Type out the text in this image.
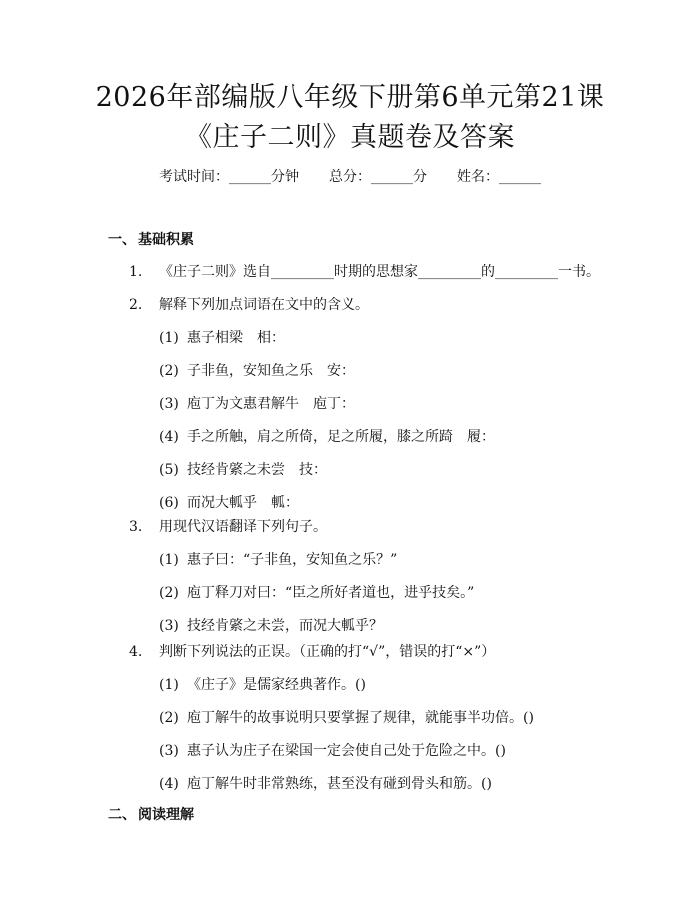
2026年部编版八年级下册第6单元第21课
《庄子二则》真题卷及答案
考试时间：______分钟 总分：______分 姓名：______
一、 基础积累
1. 《庄子二则》选自_________时期的思想家_________的_________一书。
2. 解释下列加点词语在文中的含义。
(1) 惠子相梁 相：
(2) 子非鱼，安知鱼之乐 安：
(3) 庖丁为文惠君解牛 庖丁：
(4) 手之所触，肩之所倚，足之所履，膝之所踦 履：
(5) 技经肯綮之未尝 技：
(6) 而况大軱乎 軱：
3. 用现代汉语翻译下列句子。
(1) 惠子曰：“子非鱼，安知鱼之乐？”
(2) 庖丁释刀对曰：“臣之所好者道也，进乎技矣。”
(3) 技经肯綮之未尝，而况大軱乎？
4. 判断下列说法的正误。（正确的打“√”，错误的打“×”）
(1) 《庄子》是儒家经典著作。()
(2) 庖丁解牛的故事说明只要掌握了规律，就能事半功倍。()
(3) 惠子认为庄子在梁国一定会使自己处于危险之中。()
(4) 庖丁解牛时非常熟练，甚至没有碰到骨头和筋。()
二、 阅读理解
